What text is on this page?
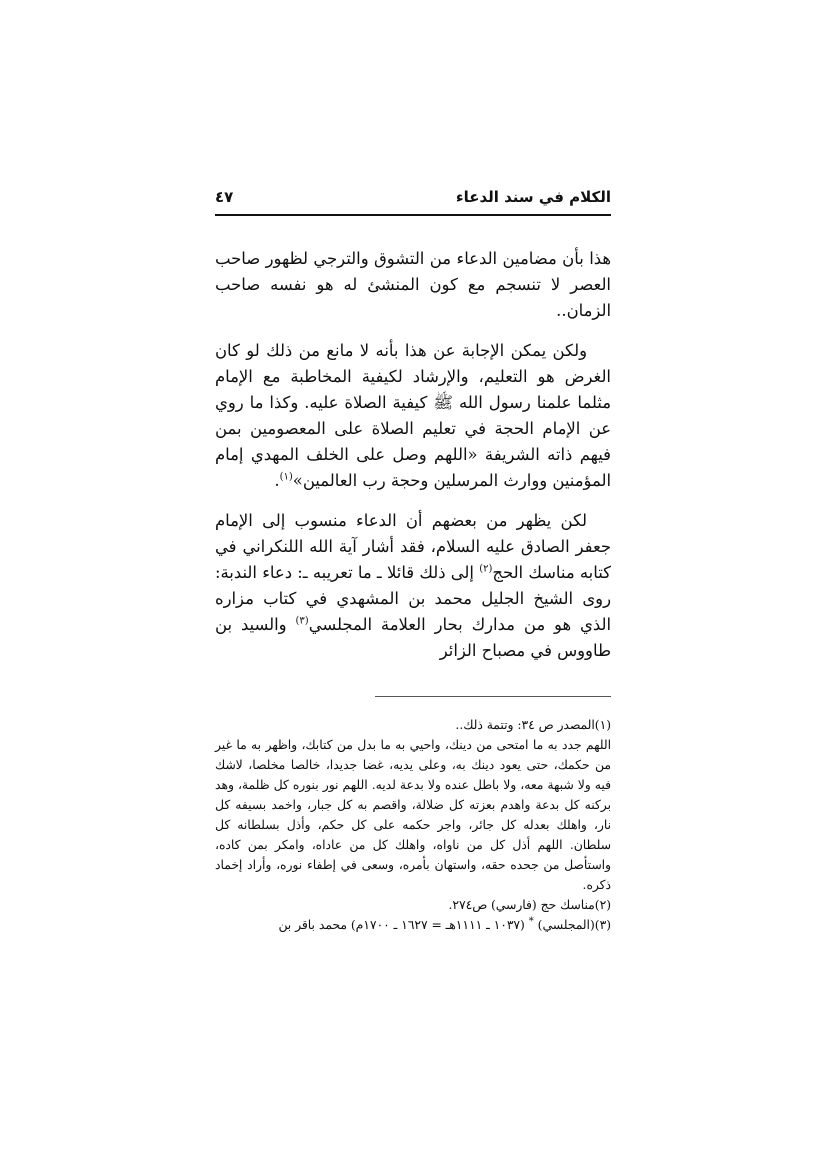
الكلام في سند الدعاء
٤٧

هذا بأن مضامين الدعاء من التشوق والترجي لظهور صاحب العصر لا تنسجم مع كون المنشئ له هو نفسه صاحب الزمان..

ولكن يمكن الإجابة عن هذا بأنه لا مانع من ذلك لو كان الغرض هو التعليم، والإرشاد لكيفية المخاطبة مع الإمام مثلما علمنا رسول الله ﷺ كيفية الصلاة عليه. وكذا ما روي عن الإمام الحجة في تعليم الصلاة على المعصومين بمن فيهم ذاته الشريفة «اللهم وصل على الخلف المهدي إمام المؤمنين ووارث المرسلين وحجة رب العالمين»$^{(١)}$.

لكن يظهر من بعضهم أن الدعاء منسوب إلى الإمام جعفر الصادق عليه السلام، فقد أشار آية الله اللنكراني في كتابه مناسك الحج$^{(٢)}$ إلى ذلك قائلا ـ ما تعريبه ـ: دعاء الندبة: روى الشيخ الجليل محمد بن المشهدي في كتاب مزاره الذي هو من مدارك بحار العلامة المجلسي$^{(٣)}$ والسيد بن طاووس في مصباح الزائر

(١)المصدر ص ٣٤: وتتمة ذلك..

اللهم جدد به ما امتحى من دينك، واحيي به ما بدل من كتابك، واظهر به ما غير من حكمك، حتى يعود دينك به، وعلى يديه، غضا جديدا، خالصا مخلصا، لاشك فيه ولا شبهة معه، ولا باطل عنده ولا بدعة لديه. اللهم نور بنوره كل ظلمة، وهد بركنه كل بدعة واهدم بعزته كل ضلالة، واقصم به كل جبار، واخمد بسيفه كل نار، واهلك بعدله كل جائر، واجر حكمه على كل حكم، وأذل بسلطانه كل سلطان. اللهم أذل كل من ناواه، واهلك كل من عاداه، وامكر بمن كاده، واستأصل من جحده حقه، واستهان بأمره، وسعى في إطفاء نوره، وأراد إخماد ذكره.

(٢)مناسك حج (فارسي) ص٢٧٤.

(٣)(المجلسي) * (١٠٣٧ ـ ١١١١هـ = ١٦٢٧ ـ ١٧٠٠م) محمد باقر بن
